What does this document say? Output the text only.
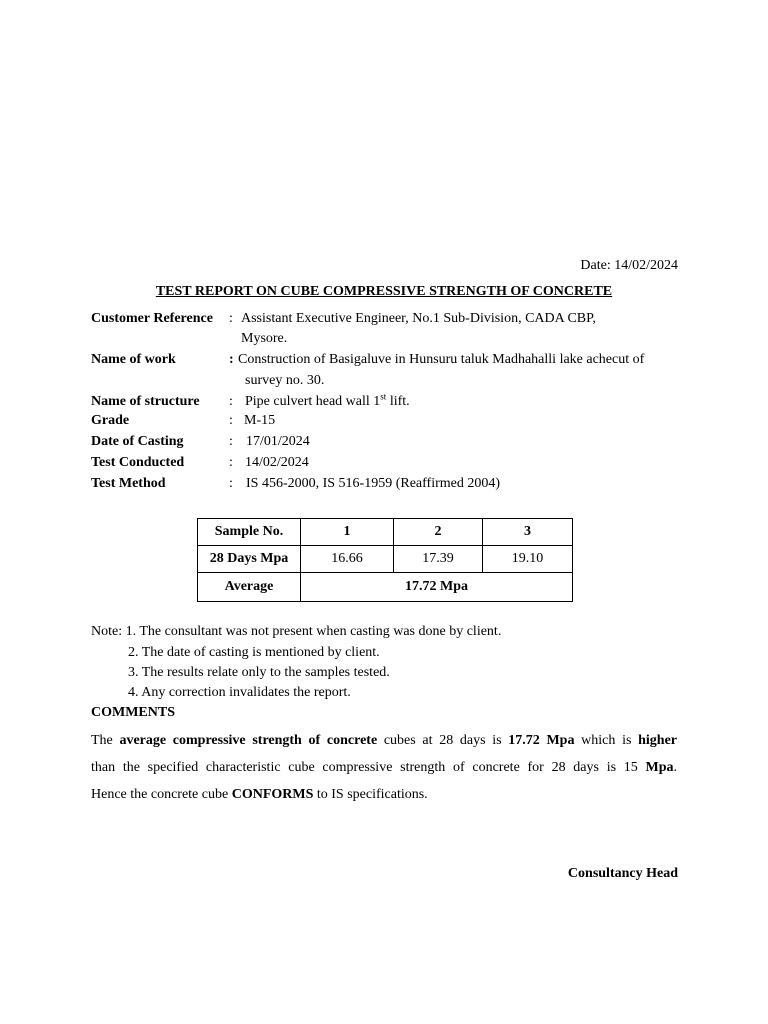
Date: 14/02/2024
TEST REPORT ON CUBE COMPRESSIVE STRENGTH OF CONCRETE
Customer Reference : Assistant Executive Engineer, No.1 Sub-Division, CADA CBP,
Mysore.
Name of work	: Construction of Basigaluve in Hunsuru taluk Madhahalli lake achecut of
survey no. 30.
Name of structure : Pipe culvert head wall 1st lift.
Grade	: M-15
Date of Casting	: 17/01/2024
Test Conducted	: 14/02/2024
Test Method	: IS 456-2000, IS 516-1959 (Reaffirmed 2004)
Sample No.	1	2	3
28 Days Mpa	16.66	17.39	19.10
Average	17.72 Mpa		
Note: 1. The consultant was not present when casting was done by client.
2. The date of casting is mentioned by client.
3. The results relate only to the samples tested.
4. Any correction invalidates the report.
COMMENTS
The average compressive strength of concrete cubes at 28 days is 17.72 Mpa which is higher
than the specified characteristic cube compressive strength of concrete for 28 days is 15 Mpa.
Hence the concrete cube CONFORMS to IS specifications.
Consultancy Head
